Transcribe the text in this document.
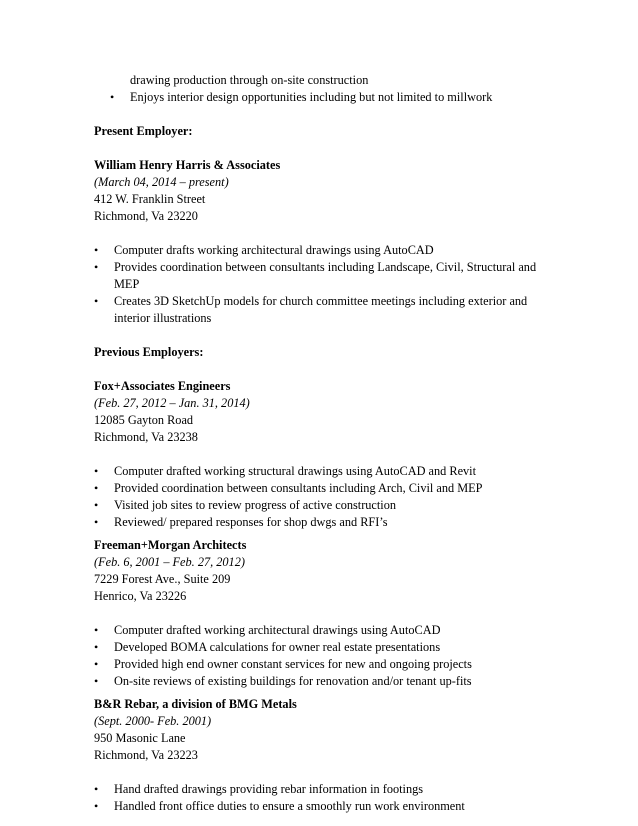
drawing production through on-site construction
•	Enjoys interior design opportunities including but not limited to millwork
Present Employer:
William Henry Harris & Associates
(March 04, 2014 – present)
412 W. Franklin Street
Richmond, Va 23220
•	Computer drafts working architectural drawings using AutoCAD
•	Provides coordination between consultants including Landscape, Civil, Structural and MEP
•	Creates 3D SketchUp models for church committee meetings including exterior and interior illustrations
Previous Employers:
Fox+Associates Engineers
(Feb. 27, 2012 – Jan. 31, 2014)
12085 Gayton Road
Richmond, Va 23238
•	Computer drafted working structural drawings using AutoCAD and Revit
•	Provided coordination between consultants including Arch, Civil and MEP
•	Visited job sites to review progress of active construction
•	Reviewed/ prepared responses for shop dwgs and RFI’s
Freeman+Morgan Architects
(Feb. 6, 2001 – Feb. 27, 2012)
7229 Forest Ave., Suite 209
Henrico, Va 23226
•	Computer drafted working architectural drawings using AutoCAD
•	Developed BOMA calculations for owner real estate presentations
•	Provided high end owner constant services for new and ongoing projects
•	On-site reviews of existing buildings for renovation and/or tenant up-fits
B&R Rebar, a division of BMG Metals
(Sept. 2000- Feb. 2001)
950 Masonic Lane
Richmond, Va 23223
•	Hand drafted drawings providing rebar information in footings
•	Handled front office duties to ensure a smoothly run work environment
